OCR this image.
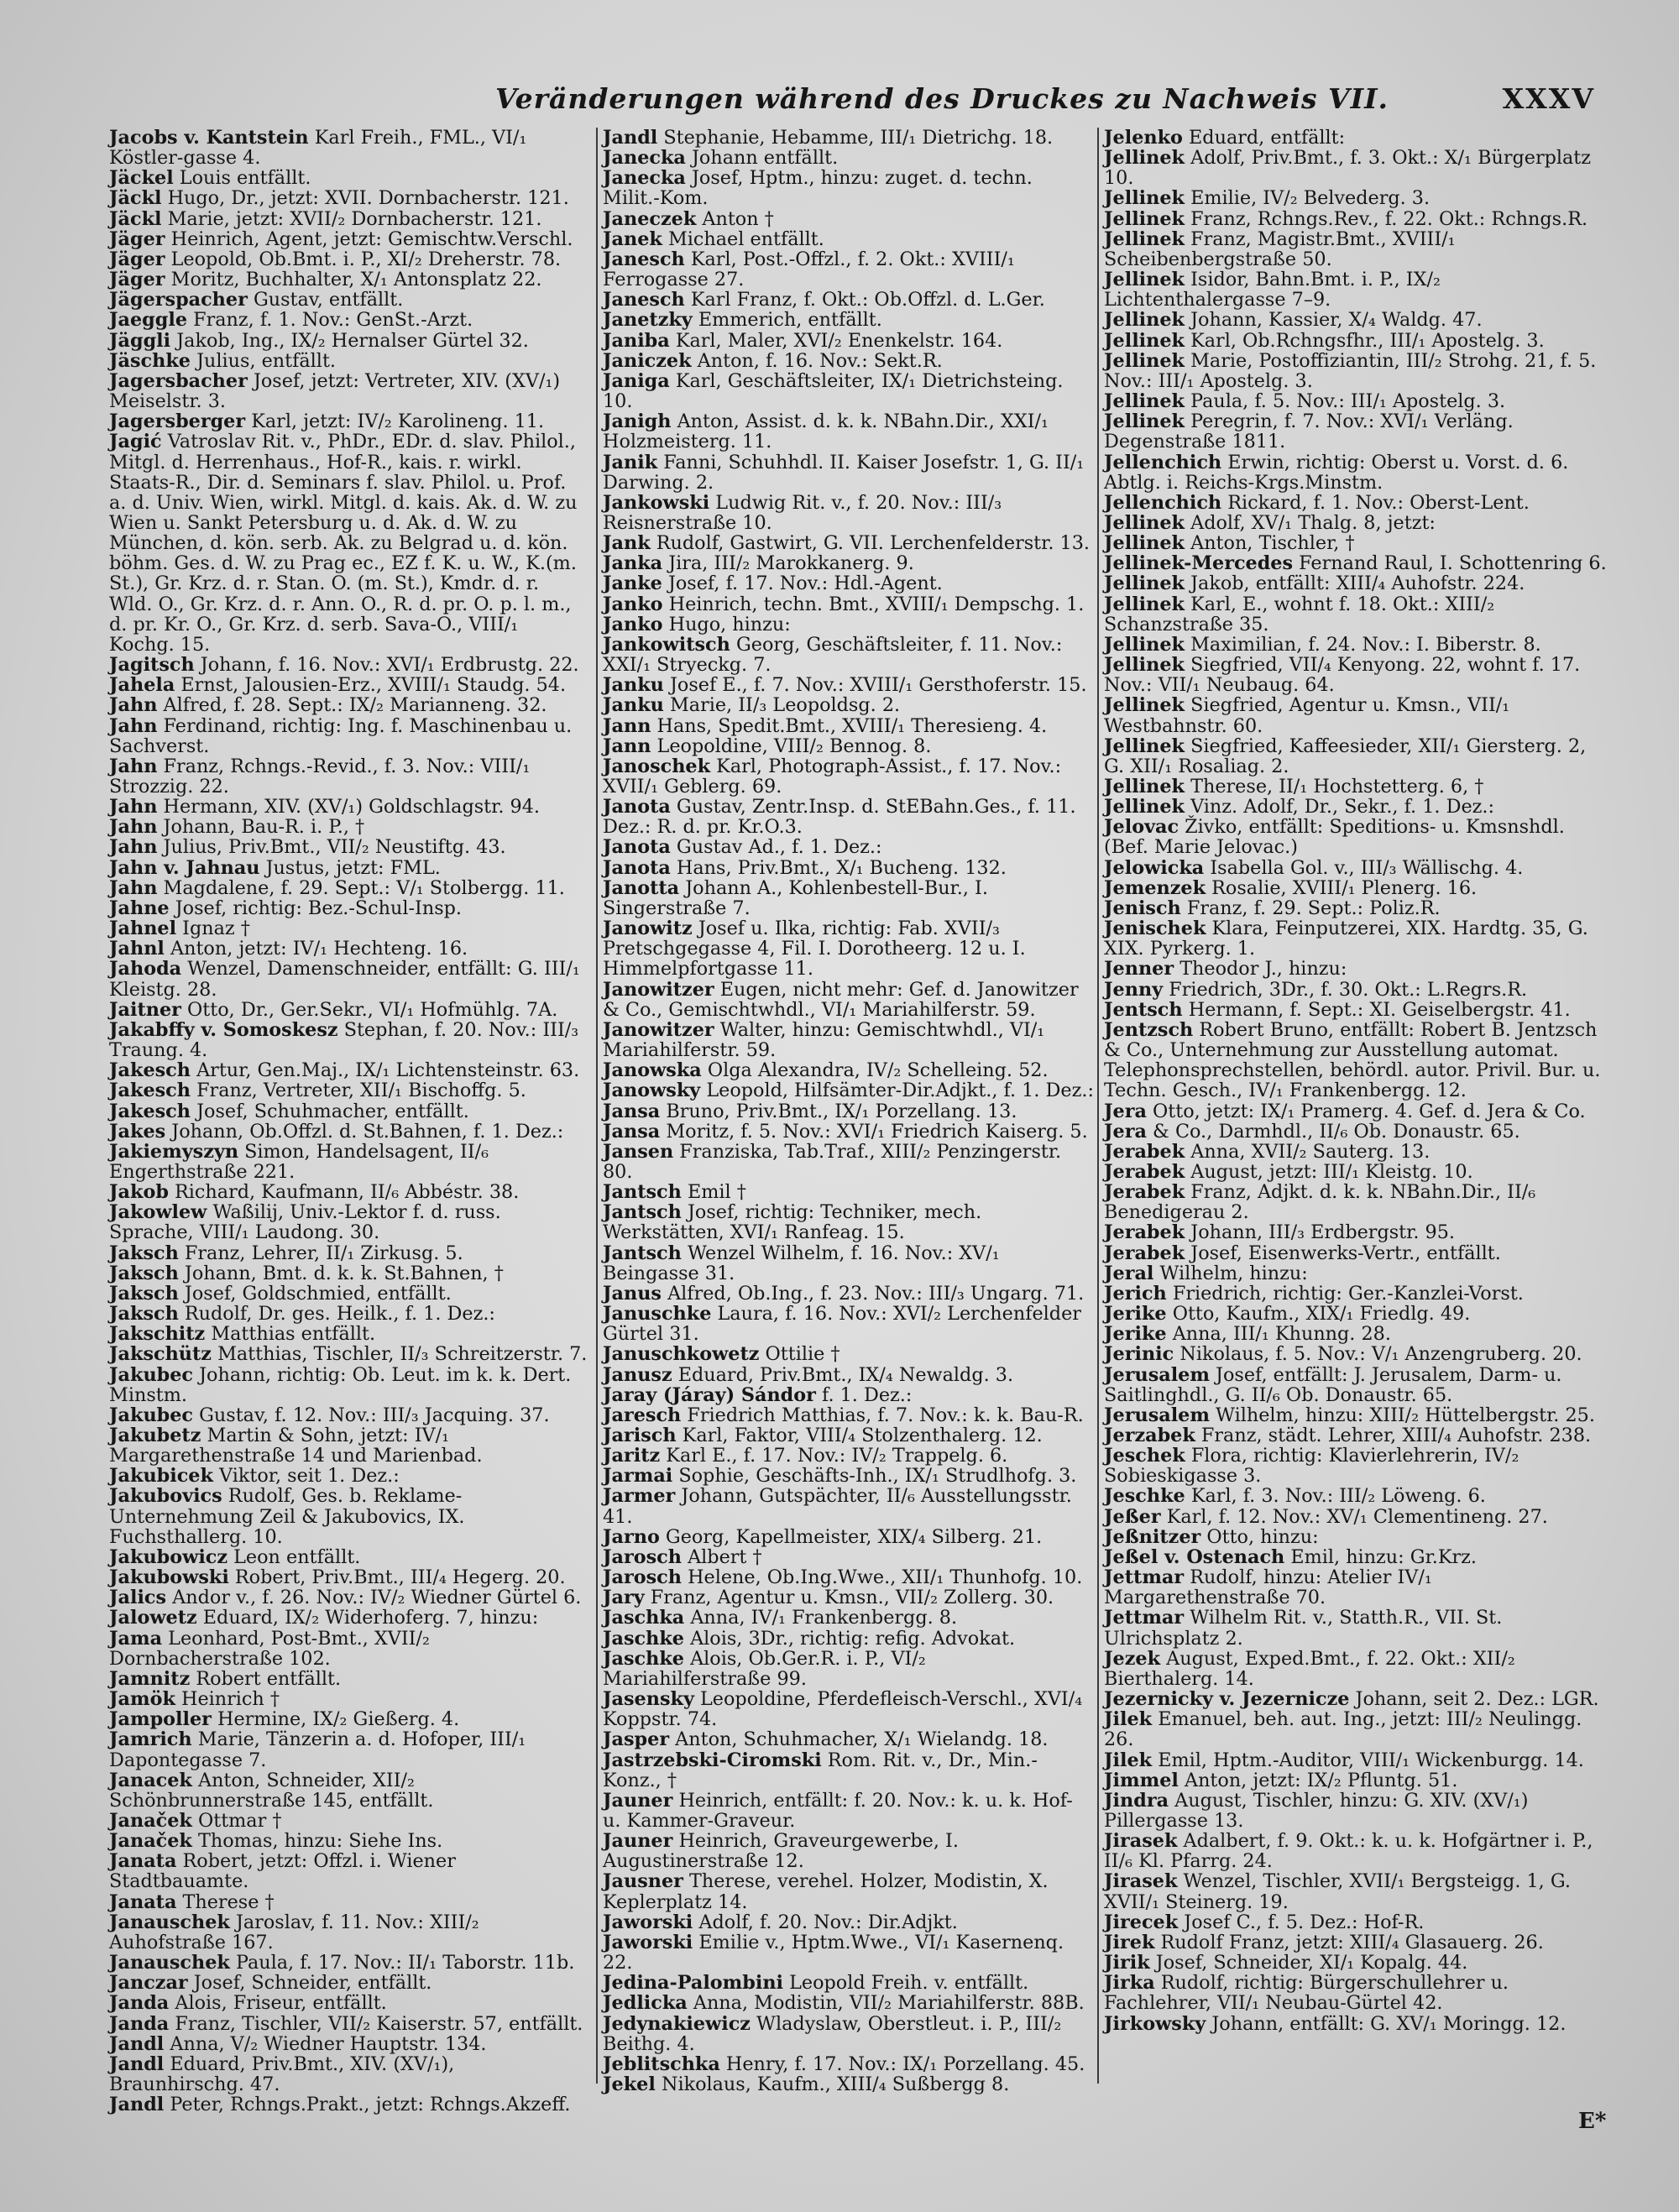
Veränderungen während des Druckes zu Nachweis VII.	XXXV

Jacobs v. Kantstein Karl Freih., FML., VI/₁ Köstler-gasse 4.

Jäckel Louis entfällt.

Jäckl Hugo, Dr., jetzt: XVII. Dornbacherstr. 121.

Jäckl Marie, jetzt: XVII/₂ Dornbacherstr. 121.

Jäger Heinrich, Agent, jetzt: Gemischtw.Verschl.

Jäger Leopold, Ob.Bmt. i. P., XI/₂ Dreherstr. 78.

Jäger Moritz, Buchhalter, X/₁ Antonsplatz 22.

Jägerspacher Gustav, entfällt.

Jaeggle Franz, f. 1. Nov.: GenSt.-Arzt.

Jäggli Jakob, Ing., IX/₂ Hernalser Gürtel 32.

Jäschke Julius, entfällt.

Jagersbacher Josef, jetzt: Vertreter, XIV. (XV/₁) Meiselstr. 3.

Jagersberger Karl, jetzt: IV/₂ Karolineng. 11.

Jagić Vatroslav Rit. v., PhDr., EDr. d. slav. Philol., Mitgl. d. Herrenhaus., Hof-R., kais. r. wirkl. Staats-R., Dir. d. Seminars f. slav. Philol. u. Prof. a. d. Univ. Wien, wirkl. Mitgl. d. kais. Ak. d. W. zu Wien u. Sankt Petersburg u. d. Ak. d. W. zu München, d. kön. serb. Ak. zu Belgrad u. d. kön. böhm. Ges. d. W. zu Prag ec., EZ f. K. u. W., K.(m. St.), Gr. Krz. d. r. Stan. O. (m. St.), Kmdr. d. r. Wld. O., Gr. Krz. d. r. Ann. O., R. d. pr. O. p. l. m., d. pr. Kr. O., Gr. Krz. d. serb. Sava-O., VIII/₁ Kochg. 15.

Jagitsch Johann, f. 16. Nov.: XVI/₁ Erdbrustg. 22.

Jahela Ernst, Jalousien-Erz., XVIII/₁ Staudg. 54.

Jahn Alfred, f. 28. Sept.: IX/₂ Marianneng. 32.

Jahn Ferdinand, richtig: Ing. f. Maschinenbau u. Sachverst.

Jahn Franz, Rchngs.-Revid., f. 3. Nov.: VIII/₁ Strozzig. 22.

Jahn Hermann, XIV. (XV/₁) Goldschlagstr. 94.

Jahn Johann, Bau-R. i. P., †

Jahn Julius, Priv.Bmt., VII/₂ Neustiftg. 43.

Jahn v. Jahnau Justus, jetzt: FML.

Jahn Magdalene, f. 29. Sept.: V/₁ Stolbergg. 11.

Jahne Josef, richtig: Bez.-Schul-Insp.

Jahnel Ignaz †

Jahnl Anton, jetzt: IV/₁ Hechteng. 16.

Jahoda Wenzel, Damenschneider, entfällt: G. III/₁ Kleistg. 28.

Jaitner Otto, Dr., Ger.Sekr., VI/₁ Hofmühlg. 7A.

Jakabffy v. Somoskesz Stephan, f. 20. Nov.: III/₃ Traung. 4.

Jakesch Artur, Gen.Maj., IX/₁ Lichtensteinstr. 63.

Jakesch Franz, Vertreter, XII/₁ Bischoffg. 5.

Jakesch Josef, Schuhmacher, entfällt.

Jakes Johann, Ob.Offzl. d. St.Bahnen, f. 1. Dez.:

Jakiemyszyn Simon, Handelsagent, II/₆ Engerthstraße 221.

Jakob Richard, Kaufmann, II/₆ Abbéstr. 38.

Jakowlew Waßilij, Univ.-Lektor f. d. russ. Sprache, VIII/₁ Laudong. 30.

Jaksch Franz, Lehrer, II/₁ Zirkusg. 5.

Jaksch Johann, Bmt. d. k. k. St.Bahnen, †

Jaksch Josef, Goldschmied, entfällt.

Jaksch Rudolf, Dr. ges. Heilk., f. 1. Dez.:

Jakschitz Matthias entfällt.

Jakschütz Matthias, Tischler, II/₃ Schreitzerstr. 7.

Jakubec Johann, richtig: Ob. Leut. im k. k. Dert. Minstm.

Jakubec Gustav, f. 12. Nov.: III/₃ Jacquing. 37.

Jakubetz Martin & Sohn, jetzt: IV/₁ Margarethenstraße 14 und Marienbad.

Jakubicek Viktor, seit 1. Dez.:

Jakubovics Rudolf, Ges. b. Reklame-Unternehmung Zeil & Jakubovics, IX. Fuchsthallerg. 10.

Jakubowicz Leon entfällt.

Jakubowski Robert, Priv.Bmt., III/₄ Hegerg. 20.

Jalics Andor v., f. 26. Nov.: IV/₂ Wiedner Gürtel 6.

Jalowetz Eduard, IX/₂ Widerhoferg. 7, hinzu:

Jama Leonhard, Post-Bmt., XVII/₂ Dornbacherstraße 102.

Jamnitz Robert entfällt.

Jamök Heinrich †

Jampoller Hermine, IX/₂ Gießerg. 4.

Jamrich Marie, Tänzerin a. d. Hofoper, III/₁ Dapontegasse 7.

Janacek Anton, Schneider, XII/₂ Schönbrunnerstraße 145, entfällt.

Janaček Ottmar †

Janaček Thomas, hinzu: Siehe Ins.

Janata Robert, jetzt: Offzl. i. Wiener Stadtbauamte.

Janata Therese †

Janauschek Jaroslav, f. 11. Nov.: XIII/₂ Auhofstraße 167.

Janauschek Paula, f. 17. Nov.: II/₁ Taborstr. 11b.

Janczar Josef, Schneider, entfällt.

Janda Alois, Friseur, entfällt.

Janda Franz, Tischler, VII/₂ Kaiserstr. 57, entfällt.

Jandl Anna, V/₂ Wiedner Hauptstr. 134.

Jandl Eduard, Priv.Bmt., XIV. (XV/₁), Braunhirschg. 47.

Jandl Peter, Rchngs.Prakt., jetzt: Rchngs.Akzeff.

Jandl Stephanie, Hebamme, III/₁ Dietrichg. 18.

Janecka Johann entfällt.

Janecka Josef, Hptm., hinzu: zuget. d. techn. Milit.-Kom.

Janeczek Anton †

Janek Michael entfällt.

Janesch Karl, Post.-Offzl., f. 2. Okt.: XVIII/₁ Ferrogasse 27.

Janesch Karl Franz, f. Okt.: Ob.Offzl. d. L.Ger.

Janetzky Emmerich, entfällt.

Janiba Karl, Maler, XVI/₂ Enenkelstr. 164.

Janiczek Anton, f. 16. Nov.: Sekt.R.

Janiga Karl, Geschäftsleiter, IX/₁ Dietrichsteing. 10.

Janigh Anton, Assist. d. k. k. NBahn.Dir., XXI/₁ Holzmeisterg. 11.

Janik Fanni, Schuhhdl. II. Kaiser Josefstr. 1, G. II/₁ Darwing. 2.

Jankowski Ludwig Rit. v., f. 20. Nov.: III/₃ Reisnerstraße 10.

Jank Rudolf, Gastwirt, G. VII. Lerchenfelderstr. 13.

Janka Jira, III/₂ Marokkanerg. 9.

Janke Josef, f. 17. Nov.: Hdl.-Agent.

Janko Heinrich, techn. Bmt., XVIII/₁ Dempschg. 1.

Janko Hugo, hinzu:

Jankowitsch Georg, Geschäftsleiter, f. 11. Nov.: XXI/₁ Stryeckg. 7.

Janku Josef E., f. 7. Nov.: XVIII/₁ Gersthoferstr. 15.

Janku Marie, II/₃ Leopoldsg. 2.

Jann Hans, Spedit.Bmt., XVIII/₁ Theresieng. 4.

Jann Leopoldine, VIII/₂ Bennog. 8.

Janoschek Karl, Photograph-Assist., f. 17. Nov.: XVII/₁ Geblerg. 69.

Janota Gustav, Zentr.Insp. d. StEBahn.Ges., f. 11. Dez.: R. d. pr. Kr.O.3.

Janota Gustav Ad., f. 1. Dez.:

Janota Hans, Priv.Bmt., X/₁ Bucheng. 132.

Janotta Johann A., Kohlenbestell-Bur., I. Singerstraße 7.

Janowitz Josef u. Ilka, richtig: Fab. XVII/₃ Pretschgegasse 4, Fil. I. Dorotheerg. 12 u. I. Himmelpfortgasse 11.

Janowitzer Eugen, nicht mehr: Gef. d. Janowitzer & Co., Gemischtwhdl., VI/₁ Mariahilferstr. 59.

Janowitzer Walter, hinzu: Gemischtwhdl., VI/₁ Mariahilferstr. 59.

Janowska Olga Alexandra, IV/₂ Schelleing. 52.

Janowsky Leopold, Hilfsämter-Dir.Adjkt., f. 1. Dez.:

Jansa Bruno, Priv.Bmt., IX/₁ Porzellang. 13.

Jansa Moritz, f. 5. Nov.: XVI/₁ Friedrich Kaiserg. 5.

Jansen Franziska, Tab.Traf., XIII/₂ Penzingerstr. 80.

Jantsch Emil †

Jantsch Josef, richtig: Techniker, mech. Werkstätten, XVI/₁ Ranfeag. 15.

Jantsch Wenzel Wilhelm, f. 16. Nov.: XV/₁ Beingasse 31.

Janus Alfred, Ob.Ing., f. 23. Nov.: III/₃ Ungarg. 71.

Januschke Laura, f. 16. Nov.: XVI/₂ Lerchenfelder Gürtel 31.

Januschkowetz Ottilie †

Janusz Eduard, Priv.Bmt., IX/₄ Newaldg. 3.

Jaray (Járay) Sándor f. 1. Dez.:

Jaresch Friedrich Matthias, f. 7. Nov.: k. k. Bau-R.

Jarisch Karl, Faktor, VIII/₄ Stolzenthalerg. 12.

Jaritz Karl E., f. 17. Nov.: IV/₂ Trappelg. 6.

Jarmai Sophie, Geschäfts-Inh., IX/₁ Strudlhofg. 3.

Jarmer Johann, Gutspächter, II/₆ Ausstellungsstr. 41.

Jarno Georg, Kapellmeister, XIX/₄ Silberg. 21.

Jarosch Albert †

Jarosch Helene, Ob.Ing.Wwe., XII/₁ Thunhofg. 10.

Jary Franz, Agentur u. Kmsn., VII/₂ Zollerg. 30.

Jaschka Anna, IV/₁ Frankenbergg. 8.

Jaschke Alois, 3Dr., richtig: refig. Advokat.

Jaschke Alois, Ob.Ger.R. i. P., VI/₂ Mariahilferstraße 99.

Jasensky Leopoldine, Pferdefleisch-Verschl., XVI/₄ Koppstr. 74.

Jasper Anton, Schuhmacher, X/₁ Wielandg. 18.

Jastrzebski-Ciromski Rom. Rit. v., Dr., Min.-Konz., †

Jauner Heinrich, entfällt: f. 20. Nov.: k. u. k. Hof- u. Kammer-Graveur.

Jauner Heinrich, Graveurgewerbe, I. Augustinerstraße 12.

Jausner Therese, verehel. Holzer, Modistin, X. Keplerplatz 14.

Jaworski Adolf, f. 20. Nov.: Dir.Adjkt.

Jaworski Emilie v., Hptm.Wwe., VI/₁ Kasernenq. 22.

Jedina-Palombini Leopold Freih. v. entfällt.

Jedlicka Anna, Modistin, VII/₂ Mariahilferstr. 88B.

Jedynakiewicz Wladyslaw, Oberstleut. i. P., III/₂ Beithg. 4.

Jeblitschka Henry, f. 17. Nov.: IX/₁ Porzellang. 45.

Jekel Nikolaus, Kaufm., XIII/₄ Sußbergg 8.

Jelenko Eduard, entfällt:

Jellinek Adolf, Priv.Bmt., f. 3. Okt.: X/₁ Bürgerplatz 10.

Jellinek Emilie, IV/₂ Belvederg. 3.

Jellinek Franz, Rchngs.Rev., f. 22. Okt.: Rchngs.R.

Jellinek Franz, Magistr.Bmt., XVIII/₁ Scheibenbergstraße 50.

Jellinek Isidor, Bahn.Bmt. i. P., IX/₂ Lichtenthalergasse 7–9.

Jellinek Johann, Kassier, X/₄ Waldg. 47.

Jellinek Karl, Ob.Rchngsfhr., III/₁ Apostelg. 3.

Jellinek Marie, Postoffiziantin, III/₂ Strohg. 21, f. 5. Nov.: III/₁ Apostelg. 3.

Jellinek Paula, f. 5. Nov.: III/₁ Apostelg. 3.

Jellinek Peregrin, f. 7. Nov.: XVI/₁ Verläng. Degenstraße 1811.

Jellenchich Erwin, richtig: Oberst u. Vorst. d. 6. Abtlg. i. Reichs-Krgs.Minstm.

Jellenchich Rickard, f. 1. Nov.: Oberst-Lent.

Jellinek Adolf, XV/₁ Thalg. 8, jetzt:

Jellinek Anton, Tischler, †

Jellinek-Mercedes Fernand Raul, I. Schottenring 6.

Jellinek Jakob, entfällt: XIII/₄ Auhofstr. 224.

Jellinek Karl, E., wohnt f. 18. Okt.: XIII/₂ Schanzstraße 35.

Jellinek Maximilian, f. 24. Nov.: I. Biberstr. 8.

Jellinek Siegfried, VII/₄ Kenyong. 22, wohnt f. 17. Nov.: VII/₁ Neubaug. 64.

Jellinek Siegfried, Agentur u. Kmsn., VII/₁ Westbahnstr. 60.

Jellinek Siegfried, Kaffeesieder, XII/₁ Giersterg. 2, G. XII/₁ Rosaliag. 2.

Jellinek Therese, II/₁ Hochstetterg. 6, †

Jellinek Vinz. Adolf, Dr., Sekr., f. 1. Dez.:

Jelovac Živko, entfällt: Speditions- u. Kmsnshdl. (Bef. Marie Jelovac.)

Jelowicka Isabella Gol. v., III/₃ Wällischg. 4.

Jemenzek Rosalie, XVIII/₁ Plenerg. 16.

Jenisch Franz, f. 29. Sept.: Poliz.R.

Jenischek Klara, Feinputzerei, XIX. Hardtg. 35, G. XIX. Pyrkerg. 1.

Jenner Theodor J., hinzu:

Jenny Friedrich, 3Dr., f. 30. Okt.: L.Regrs.R.

Jentsch Hermann, f. Sept.: XI. Geiselbergstr. 41.

Jentzsch Robert Bruno, entfällt: Robert B. Jentzsch & Co., Unternehmung zur Ausstellung automat. Telephonsprechstellen, behördl. autor. Privil. Bur. u. Techn. Gesch., IV/₁ Frankenbergg. 12.

Jera Otto, jetzt: IX/₁ Pramerg. 4. Gef. d. Jera & Co.

Jera & Co., Darmhdl., II/₆ Ob. Donaustr. 65.

Jerabek Anna, XVII/₂ Sauterg. 13.

Jerabek August, jetzt: III/₁ Kleistg. 10.

Jerabek Franz, Adjkt. d. k. k. NBahn.Dir., II/₆ Benedigerau 2.

Jerabek Johann, III/₃ Erdbergstr. 95.

Jerabek Josef, Eisenwerks-Vertr., entfällt.

Jeral Wilhelm, hinzu:

Jerich Friedrich, richtig: Ger.-Kanzlei-Vorst.

Jerike Otto, Kaufm., XIX/₁ Friedlg. 49.

Jerike Anna, III/₁ Khunng. 28.

Jerinic Nikolaus, f. 5. Nov.: V/₁ Anzengruberg. 20.

Jerusalem Josef, entfällt: J. Jerusalem, Darm- u. Saitlinghdl., G. II/₆ Ob. Donaustr. 65.

Jerusalem Wilhelm, hinzu: XIII/₂ Hüttelbergstr. 25.

Jerzabek Franz, städt. Lehrer, XIII/₄ Auhofstr. 238.

Jeschek Flora, richtig: Klavierlehrerin, IV/₂ Sobieskigasse 3.

Jeschke Karl, f. 3. Nov.: III/₂ Löweng. 6.

Jeßer Karl, f. 12. Nov.: XV/₁ Clementineng. 27.

Jeßnitzer Otto, hinzu:

Jeßel v. Ostenach Emil, hinzu: Gr.Krz.

Jettmar Rudolf, hinzu: Atelier IV/₁ Margarethenstraße 70.

Jettmar Wilhelm Rit. v., Statth.R., VII. St. Ulrichsplatz 2.

Jezek August, Exped.Bmt., f. 22. Okt.: XII/₂ Bierthalerg. 14.

Jezernicky v. Jezernicze Johann, seit 2. Dez.: LGR.

Jilek Emanuel, beh. aut. Ing., jetzt: III/₂ Neulingg. 26.

Jilek Emil, Hptm.-Auditor, VIII/₁ Wickenburgg. 14.

Jimmel Anton, jetzt: IX/₂ Pfluntg. 51.

Jindra August, Tischler, hinzu: G. XIV. (XV/₁) Pillergasse 13.

Jirasek Adalbert, f. 9. Okt.: k. u. k. Hofgärtner i. P., II/₆ Kl. Pfarrg. 24.

Jirasek Wenzel, Tischler, XVII/₁ Bergsteigg. 1, G. XVII/₁ Steinerg. 19.

Jirecek Josef C., f. 5. Dez.: Hof-R.

Jirek Rudolf Franz, jetzt: XIII/₄ Glasauerg. 26.

Jirik Josef, Schneider, XI/₁ Kopalg. 44.

Jirka Rudolf, richtig: Bürgerschullehrer u. Fachlehrer, VII/₁ Neubau-Gürtel 42.

Jirkowsky Johann, entfällt: G. XV/₁ Moringg. 12.

E*
